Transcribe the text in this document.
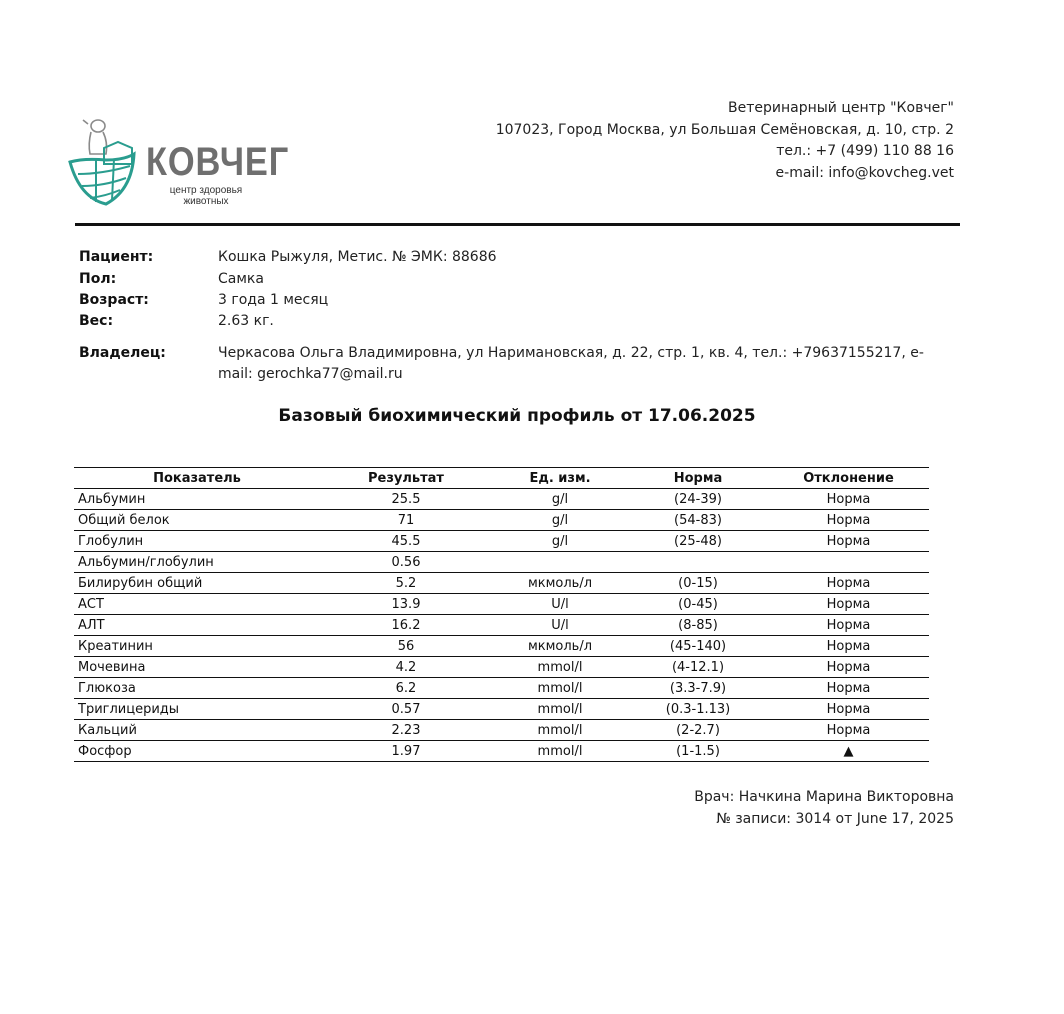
КОВЧЕГ
центр здоровья
животных
Ветеринарный центр "Ковчег"
107023, Город Москва, ул Большая Семёновская, д. 10, стр. 2
тел.: +7 (499) 110 88 16
e-mail: info@kovcheg.vet
Пациент:	Кошка Рыжуля, Метис. № ЭМК: 88686
Пол:	Самка
Возраст:	3 года 1 месяц
Вес:	2.63 кг.
Владелец:	Черкасова Ольга Владимировна, ул Наримановская, д. 22, стр. 1, кв. 4, тел.: +79637155217, e-mail: gerochka77@mail.ru
Базовый биохимический профиль от 17.06.2025
Показатель	Результат	Ед. изм.	Норма	Отклонение
Альбумин	25.5	g/l	(24-39)	Норма
Общий белок	71	g/l	(54-83)	Норма
Глобулин	45.5	g/l	(25-48)	Норма
Альбумин/глобулин	0.56			
Билирубин общий	5.2	мкмоль/л	(0-15)	Норма
АСТ	13.9	U/l	(0-45)	Норма
АЛТ	16.2	U/l	(8-85)	Норма
Креатинин	56	мкмоль/л	(45-140)	Норма
Мочевина	4.2	mmol/l	(4-12.1)	Норма
Глюкоза	6.2	mmol/l	(3.3-7.9)	Норма
Триглицериды	0.57	mmol/l	(0.3-1.13)	Норма
Кальций	2.23	mmol/l	(2-2.7)	Норма
Фосфор	1.97	mmol/l	(1-1.5)	▲
Врач: Начкина Марина Викторовна
№ записи: 3014 от June 17, 2025
